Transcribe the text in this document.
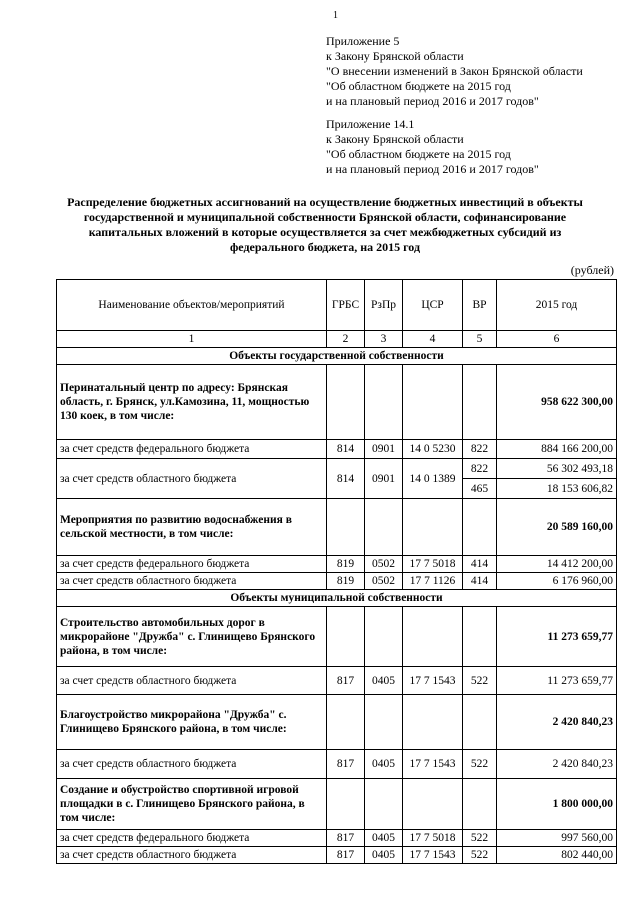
1
Приложение 5
к Закону Брянской области
"О внесении изменений в Закон Брянской области
"Об областном бюджете на 2015 год
и на плановый период 2016 и 2017 годов"
Приложение 14.1
к Закону Брянской области
"Об областном бюджете на 2015 год
и на плановый период 2016 и 2017 годов"
Распределение бюджетных ассигнований на осуществление бюджетных инвестиций в объекты государственной и муниципальной собственности Брянской области, софинансирование капитальных вложений в которые осуществляется за счет межбюджетных субсидий из федерального бюджета, на 2015 год
(рублей)
Наименование объектов/мероприятий	ГРБС	РзПр	ЦСР	ВР	2015 год
1	2	3	4	5	6
Объекты государственной собственности					
Перинатальный центр по адресу: Брянская область, г. Брянск, ул.Камозина, 11, мощностью 130 коек, в том числе:					958 622 300,00
за счет средств федерального бюджета	814	0901	14 0 5230	822	884 166 200,00
за счет средств областного бюджета	814	0901	14 0 1389	822	56 302 493,18
				465	18 153 606,82
Мероприятия по развитию водоснабжения в сельской местности, в том числе:					20 589 160,00
за счет средств федерального бюджета	819	0502	17 7 5018	414	14 412 200,00
за счет средств областного бюджета	819	0502	17 7 1126	414	6 176 960,00
Объекты муниципальной собственности					
Строительство автомобильных дорог в микрорайоне "Дружба" с. Глинищево Брянского района, в том числе:					11 273 659,77
за счет средств областного бюджета	817	0405	17 7 1543	522	11 273 659,77
Благоустройство микрорайона "Дружба" с. Глинищево Брянского района, в том числе:					2 420 840,23
за счет средств областного бюджета	817	0405	17 7 1543	522	2 420 840,23
Создание и обустройство спортивной игровой площадки в с. Глинищево Брянского района, в том числе:					1 800 000,00
за счет средств федерального бюджета	817	0405	17 7 5018	522	997 560,00
за счет средств областного бюджета	817	0405	17 7 1543	522	802 440,00
